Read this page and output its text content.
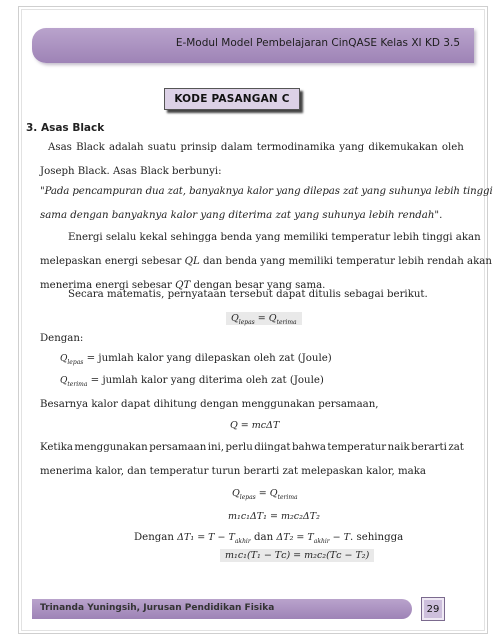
E-Modul Model Pembelajaran CinQASE Kelas XI KD 3.5
KODE PASANGAN C
3. Asas Black
Asas Black adalah suatu prinsip dalam termodinamika yang dikemukakan oleh
Joseph Black. Asas Black berbunyi:
"Pada pencampuran dua zat, banyaknya kalor yang dilepas zat yang suhunya lebih tinggi
sama dengan banyaknya kalor yang diterima zat yang suhunya lebih rendah".
Energi selalu kekal sehingga benda yang memiliki temperatur lebih tinggi akan
melepaskan energi sebesar QL dan benda yang memiliki temperatur lebih rendah akan
menerima energi sebesar QT dengan besar yang sama.
Secara matematis, pernyataan tersebut dapat ditulis sebagai berikut.
$Q_{lepas} = Q_{terima}$
Dengan:
$Q_{lepas}$ = jumlah kalor yang dilepaskan oleh zat (Joule)
$Q_{terima}$ = jumlah kalor yang diterima oleh zat (Joule)
Besarnya kalor dapat dihitung dengan menggunakan persamaan,
Q = mcΔT
Ketika menggunakan persamaan ini, perlu diingat bahwa temperatur naik berarti zat
menerima kalor, dan temperatur turun berarti zat melepaskan kalor, maka
$Q_{lepas} = Q_{terima}$
m₁c₁ΔT₁ = m₂c₂ΔT₂
Dengan $\Delta T_1 = T - T_{akhir}$ dan $\Delta T_2 = T_{akhir} - T$. sehingga
m₁c₁(T₁ − Tᴄ) = m₂c₂(Tᴄ − T₂)
Trinanda Yuningsih, Jurusan Pendidikan Fisika	29
